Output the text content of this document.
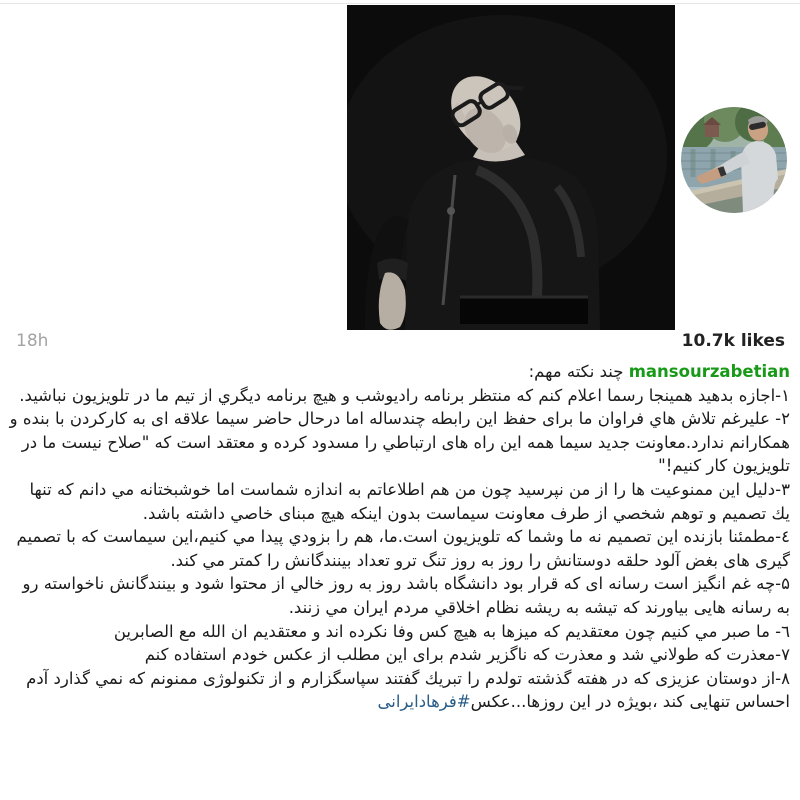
18h	10.7k likes

mansourzabetian چند نکته مهم:

۱-اجازه بدهید همینجا رسما اعلام کنم که منتظر برنامه رادیوشب و هیچ برنامه دیگري از تیم ما در تلویزیون نباشید.

۲- علیرغم تلاش هاي فراوان ما برای حفظ این رابطه چندساله اما درحال حاضر سیما علاقه ای به کارکردن با بنده و همکارانم ندارد.معاونت جدید سیما همه این راه های ارتباطي را مسدود کرده و معتقد است که "صلاح نیست ما در تلویزیون کار کنیم!"

۳-دلیل این ممنوعیت ها را از من نپرسید چون من هم اطلاعاتم به اندازه شماست اما خوشبختانه مي دانم که تنها یك تصمیم و توهم شخصي از طرف معاونت سیماست بدون اینکه هیچ مبنای خاصي داشته باشد.

٤-مطمئنا بازنده این تصمیم نه ما وشما که تلویزیون است.ما، هم را بزودي پیدا مي کنیم،این سیماست که با تصمیم گیری های بغض آلود حلقه دوستانش را روز به روز تنگ ترو تعداد بینندگانش را کمتر مي کند.

۵-چه غم انگیز است رسانه ای که قرار بود دانشگاه باشد روز به روز خالي از محتوا شود و بینندگانش ناخواسته رو به رسانه هایی بیاورند که تیشه به ریشه نظام اخلاقي مردم ایران مي زنند.

٦- ما صبر مي کنیم چون معتقدیم که میزها به هیچ کس وفا نکرده اند و معتقدیم ان الله مع الصابرین

۷-معذرت که طولاني شد و معذرت که ناگزیر شدم برای این مطلب از عکس خودم استفاده کنم

۸-از دوستان عزیزی که در هفته گذشته تولدم را تبریك گفتند سپاسگزارم و از تکنولوژی ممنونم که نمي گذارد آدم احساس تنهایی کند ،بویژه در این روزها...عکس#فرهادایرانی
